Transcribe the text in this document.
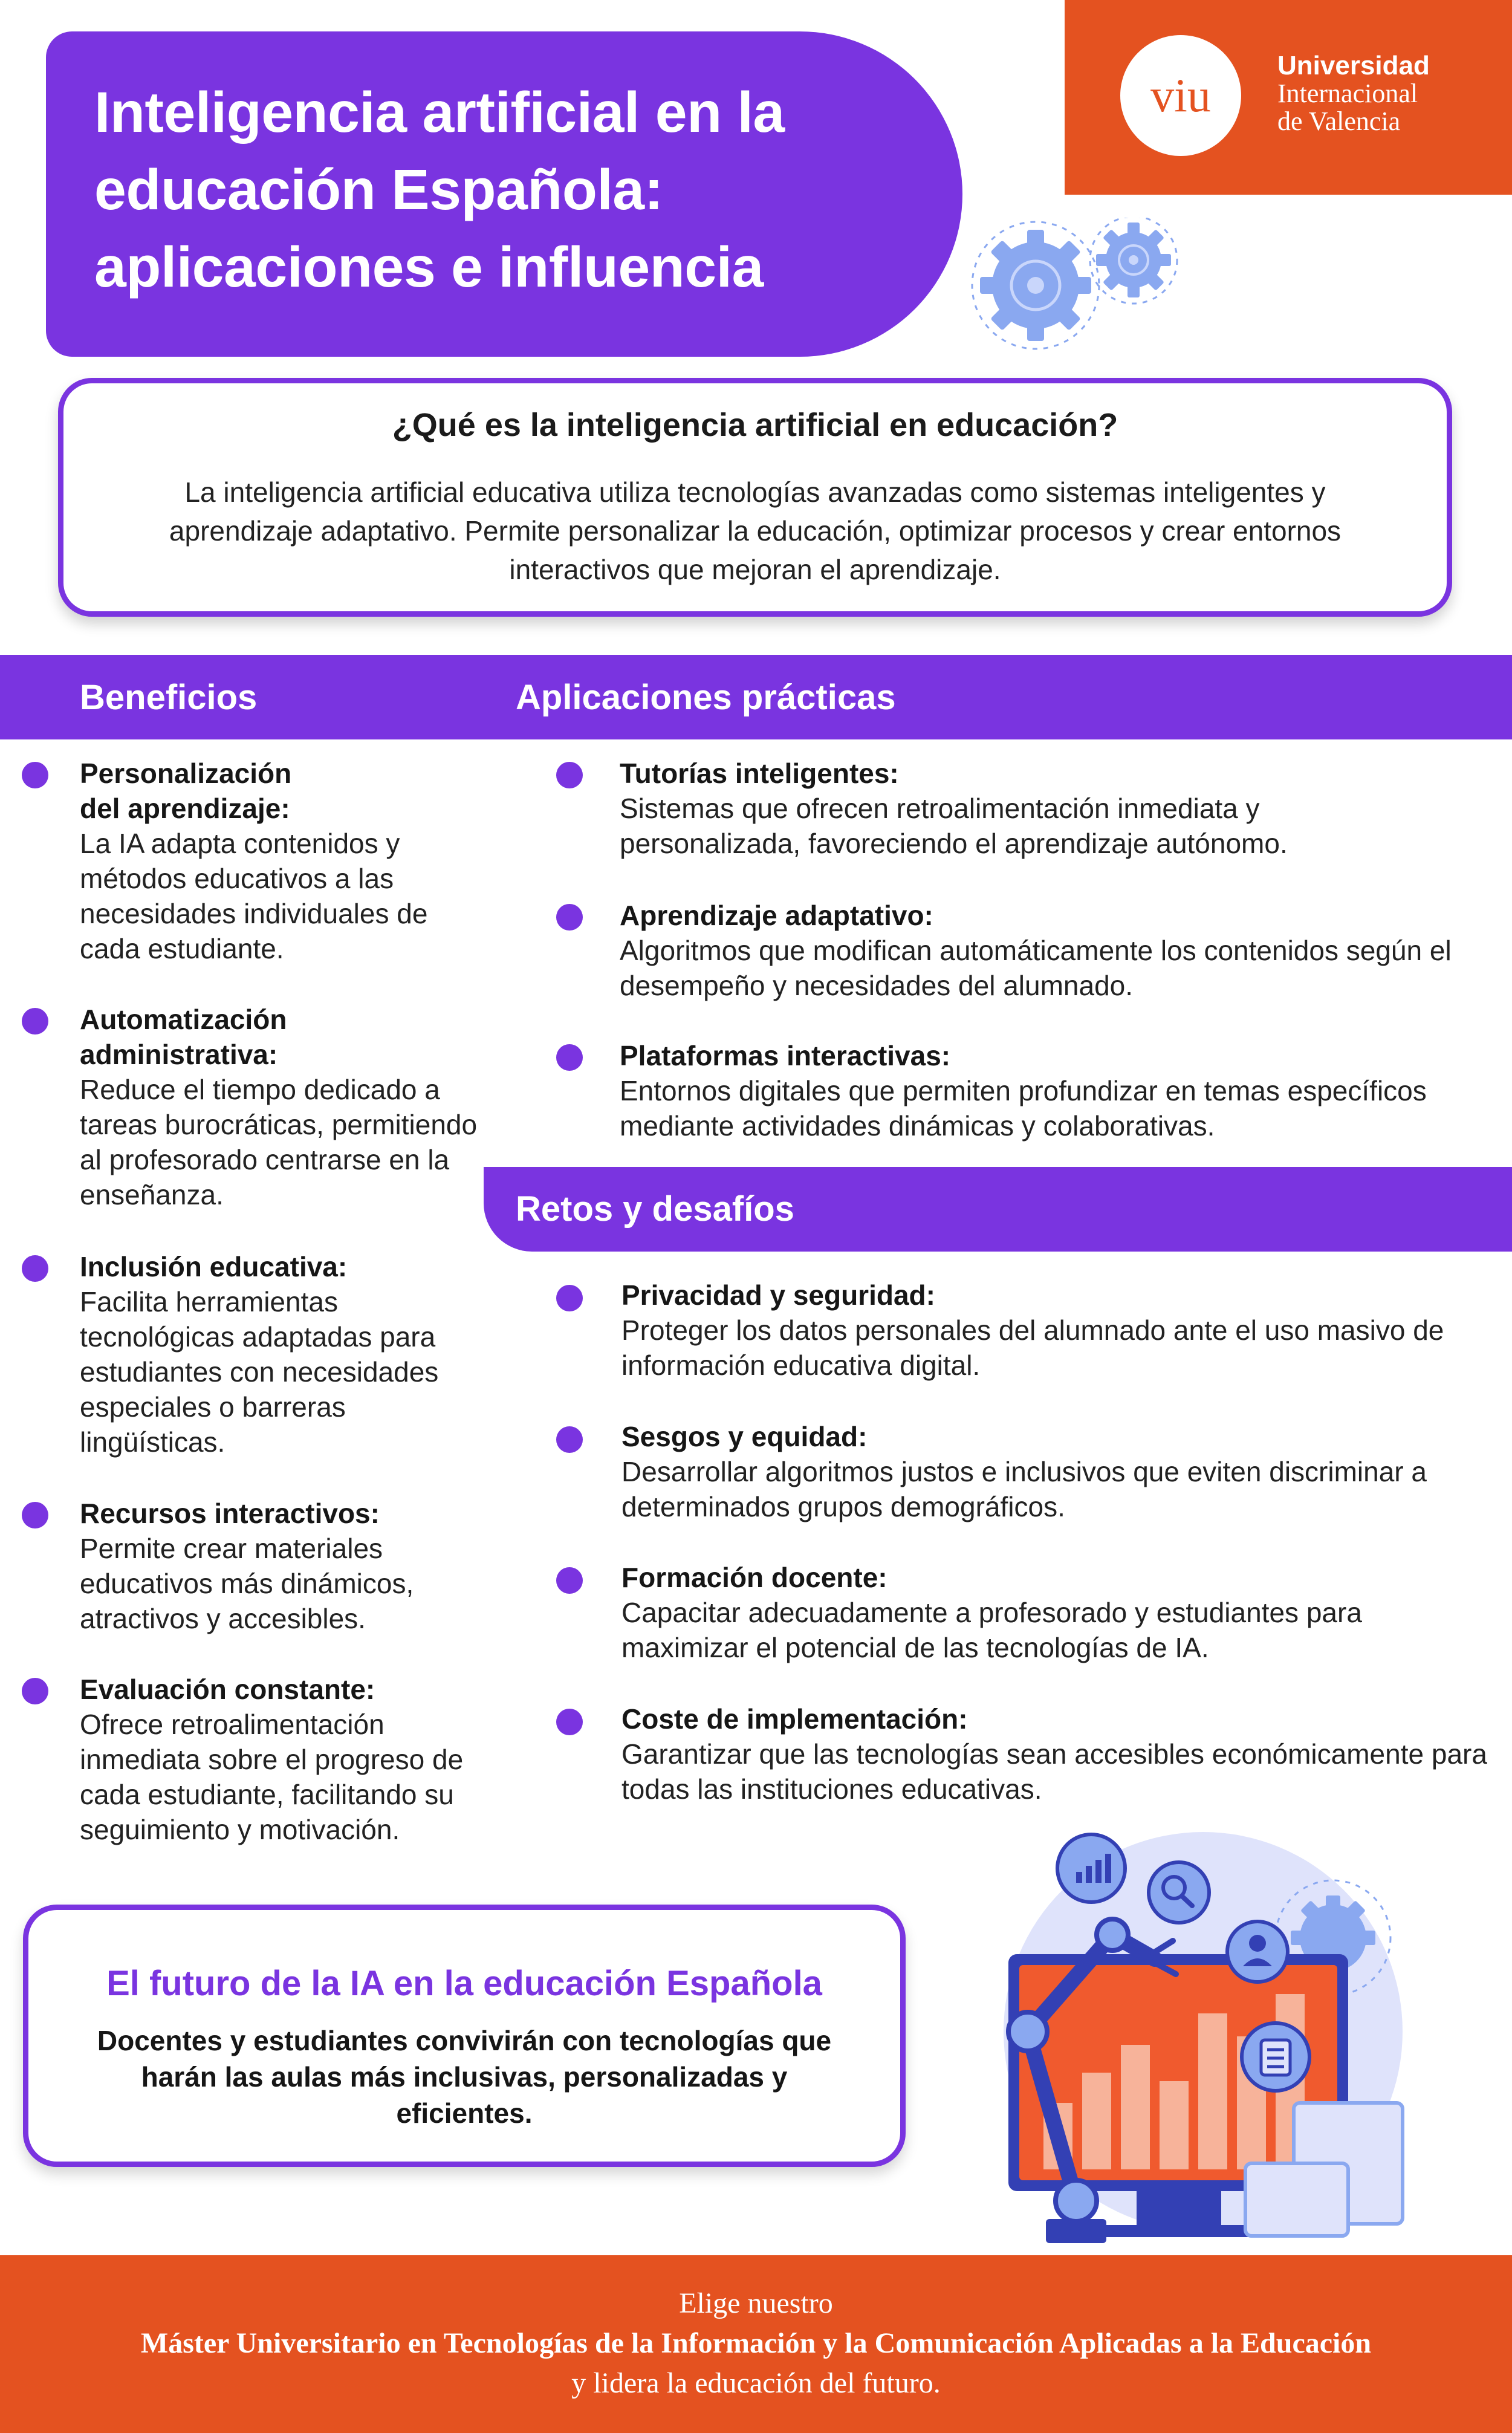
Inteligencia artificial en la
educación Española:
aplicaciones e influencia
viu
Universidad
Internacional
de Valencia
¿Qué es la inteligencia artificial en educación?
La inteligencia artificial educativa utiliza tecnologías avanzadas como sistemas inteligentes y aprendizaje adaptativo. Permite personalizar la educación, optimizar procesos y crear entornos interactivos que mejoran el aprendizaje.
Beneficios	Aplicaciones prácticas
Personalización del aprendizaje:
La IA adapta contenidos y métodos educativos a las necesidades individuales de cada estudiante.
Automatización administrativa:
Reduce el tiempo dedicado a tareas burocráticas, permitiendo al profesorado centrarse en la enseñanza.
Inclusión educativa:
Facilita herramientas tecnológicas adaptadas para estudiantes con necesidades especiales o barreras lingüísticas.
Recursos interactivos:
Permite crear materiales educativos más dinámicos, atractivos y accesibles.
Evaluación constante:
Ofrece retroalimentación inmediata sobre el progreso de cada estudiante, facilitando su seguimiento y motivación.
Tutorías inteligentes:
Sistemas que ofrecen retroalimentación inmediata y personalizada, favoreciendo el aprendizaje autónomo.
Aprendizaje adaptativo:
Algoritmos que modifican automáticamente los contenidos según el desempeño y necesidades del alumnado.
Plataformas interactivas:
Entornos digitales que permiten profundizar en temas específicos mediante actividades dinámicas y colaborativas.
Retos y desafíos
Privacidad y seguridad:
Proteger los datos personales del alumnado ante el uso masivo de información educativa digital.
Sesgos y equidad:
Desarrollar algoritmos justos e inclusivos que eviten discriminar a determinados grupos demográficos.
Formación docente:
Capacitar adecuadamente a profesorado y estudiantes para maximizar el potencial de las tecnologías de IA.
Coste de implementación:
Garantizar que las tecnologías sean accesibles económicamente para todas las instituciones educativas.
El futuro de la IA en la educación Española
Docentes y estudiantes convivirán con tecnologías que harán las aulas más inclusivas, personalizadas y eficientes.
Elige nuestro
Máster Universitario en Tecnologías de la Información y la Comunicación Aplicadas a la Educación
y lidera la educación del futuro.
